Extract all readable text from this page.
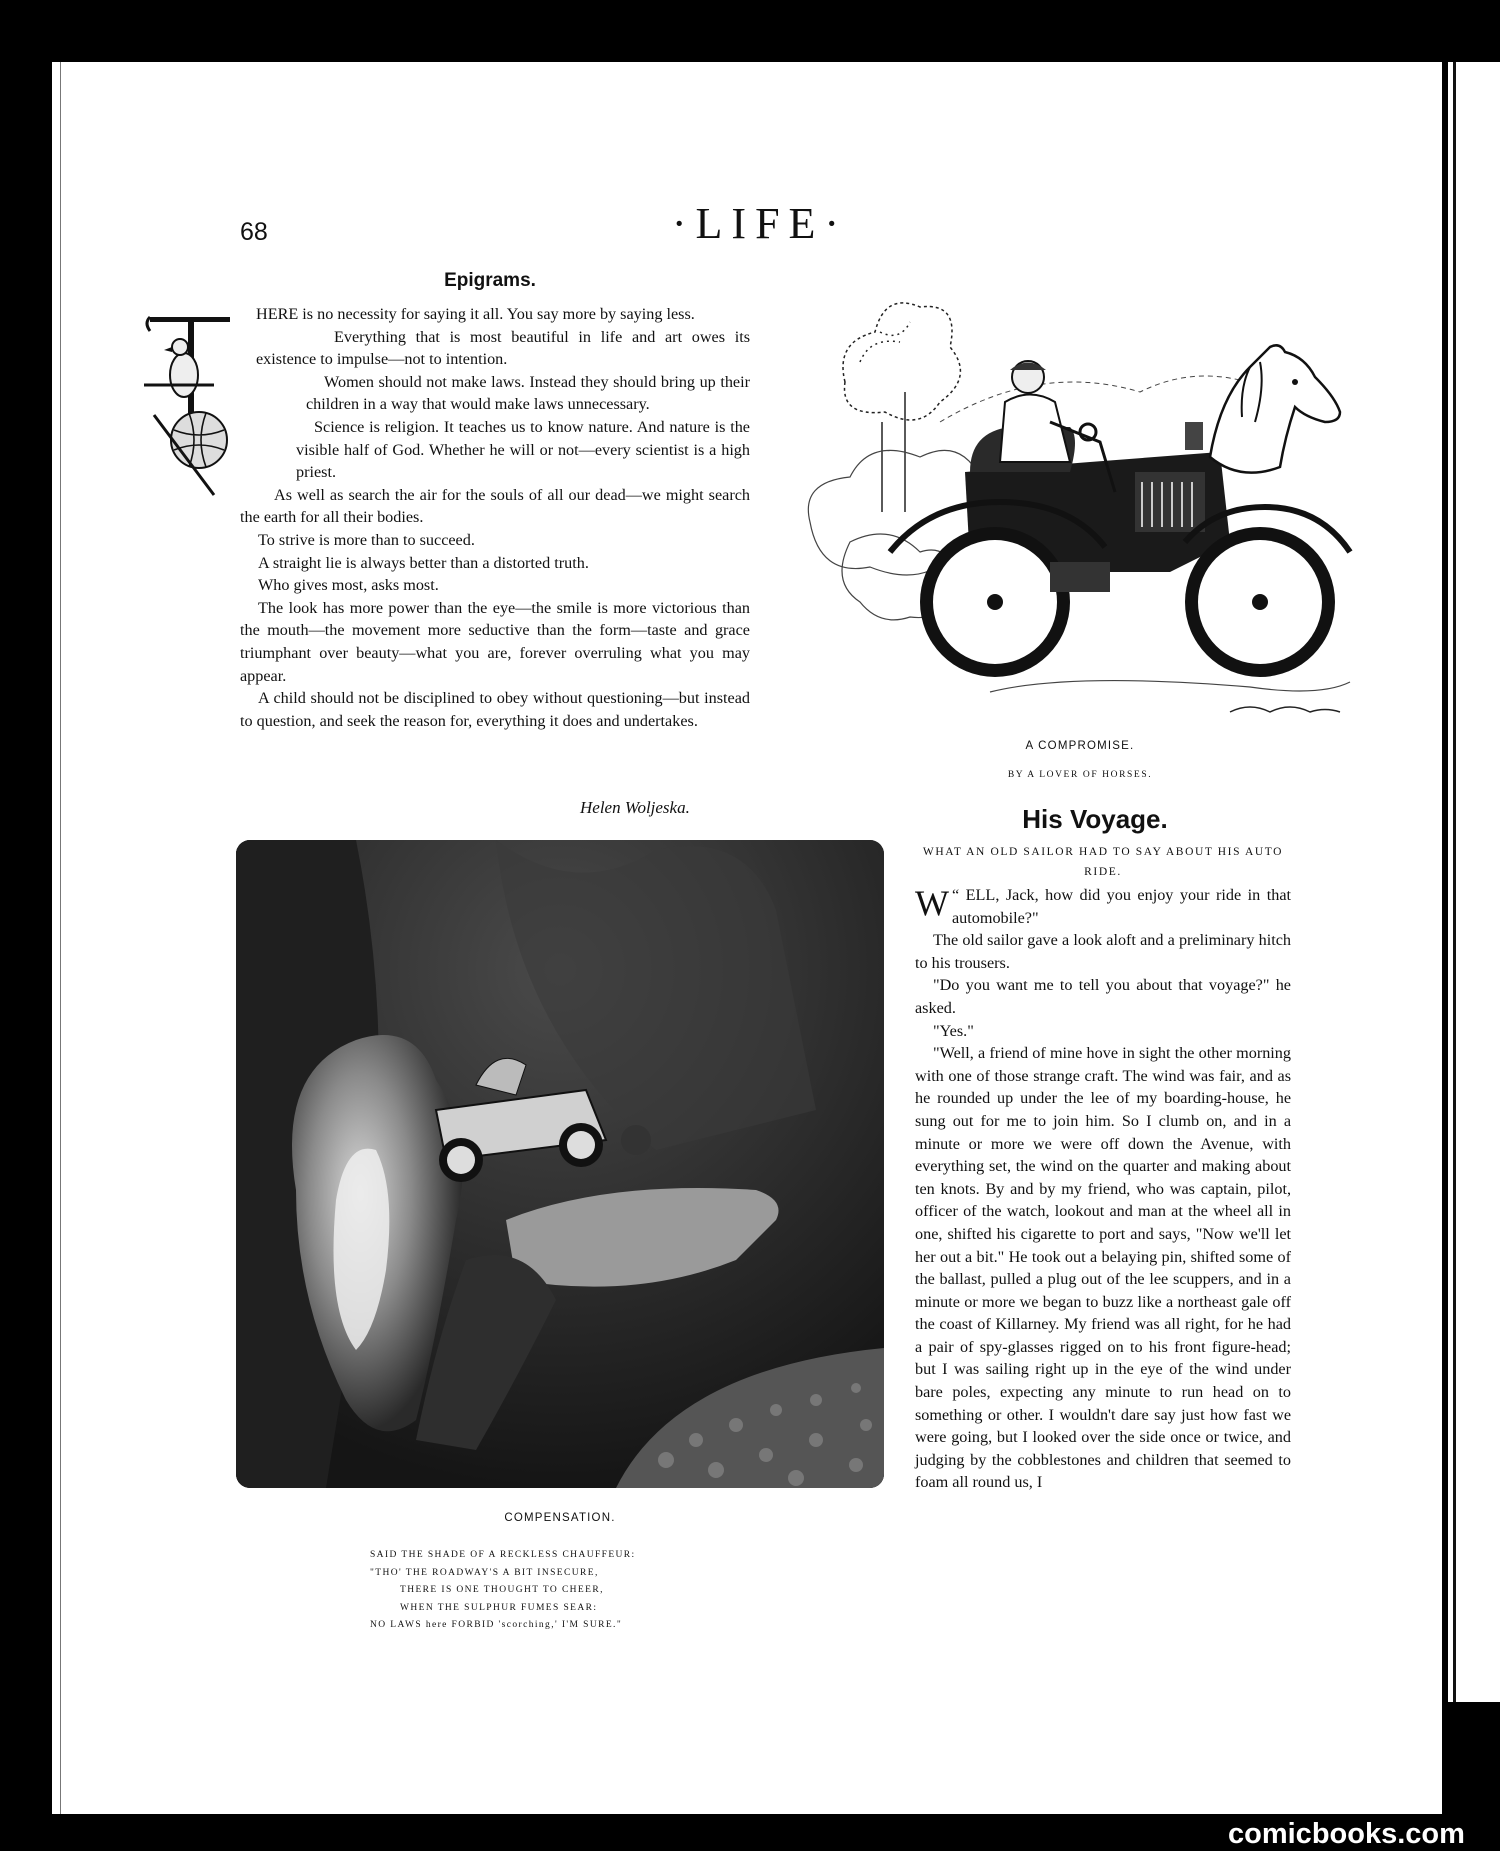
68	·LIFE·
Epigrams.

HERE is no necessity for saying it all. You say more by saying less.

Everything that is most beautiful in life and art owes its existence to impulse—not to intention.

Women should not make laws. Instead they should bring up their children in a way that would make laws unnecessary.

Science is religion. It teaches us to know nature. And nature is the visible half of God. Whether he will or not—every scientist is a high priest.

As well as search the air for the souls of all our dead—we might search the earth for all their bodies.

To strive is more than to succeed.

A straight lie is always better than a distorted truth.

Who gives most, asks most.

The look has more power than the eye—the smile is more victorious than the mouth—the movement more seductive than the form—taste and grace triumphant over beauty—what you are, forever overruling what you may appear.

A child should not be disciplined to obey without questioning—but instead to question, and seek the reason for, everything it does and undertakes.

Helen Woljeska.
A COMPROMISE.
BY A LOVER OF HORSES.
His Voyage.
WHAT AN OLD SAILOR HAD TO SAY ABOUT HIS AUTO RIDE.

“
W ELL, Jack, how did you enjoy your ride in that automobile?"

The old sailor gave a look aloft and a preliminary hitch to his trousers.

"Do you want me to tell you about that voyage?" he asked.

"Yes."

"Well, a friend of mine hove in sight the other morning with one of those strange craft. The wind was fair, and as he rounded up under the lee of my boarding-house, he sung out for me to join him. So I clumb on, and in a minute or more we were off down the Avenue, with everything set, the wind on the quarter and making about ten knots. By and by my friend, who was captain, pilot, officer of the watch, lookout and man at the wheel all in one, shifted his cigarette to port and says, "Now we'll let her out a bit." He took out a belaying pin, shifted some of the ballast, pulled a plug out of the lee scuppers, and in a minute or more we began to buzz like a northeast gale off the coast of Killarney. My friend was all right, for he had a pair of spy-glasses rigged on to his front figure-head; but I was sailing right up in the eye of the wind under bare poles, expecting any minute to run head on to something or other. I wouldn't dare say just how fast we were going, but I looked over the side once or twice, and judging by the cobblestones and children that seemed to foam all round us, I

COMPENSATION.
SAID THE SHADE OF A RECKLESS CHAUFFEUR:
"THO' THE ROADWAY'S A BIT INSECURE,
THERE IS ONE THOUGHT TO CHEER,
WHEN THE SULPHUR FUMES SEAR:
NO LAWS here FORBID 'scorching,' I'M SURE."
comicbooks.com
